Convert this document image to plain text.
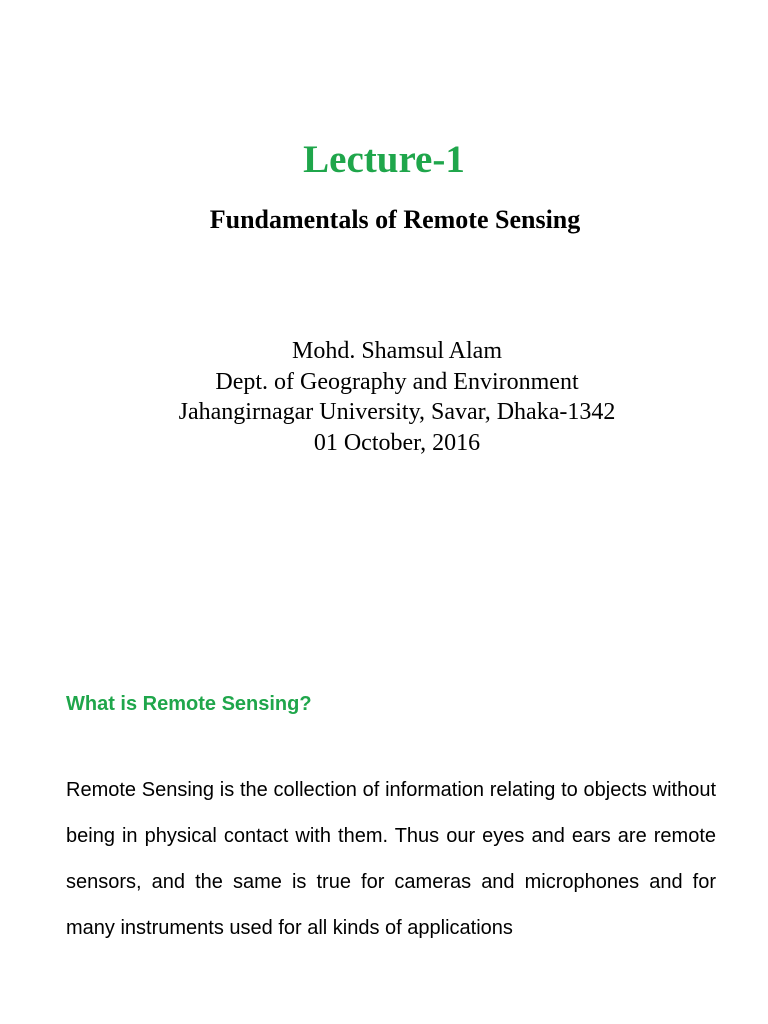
Lecture-1
Fundamentals of Remote Sensing
Mohd. Shamsul Alam
Dept. of Geography and Environment
Jahangirnagar University, Savar, Dhaka-1342
01 October, 2016
What is Remote Sensing?
Remote Sensing is the collection of information relating to objects without being in physical contact with them. Thus our eyes and ears are remote sensors, and the same is true for cameras and microphones and for many instruments used for all kinds of applications
